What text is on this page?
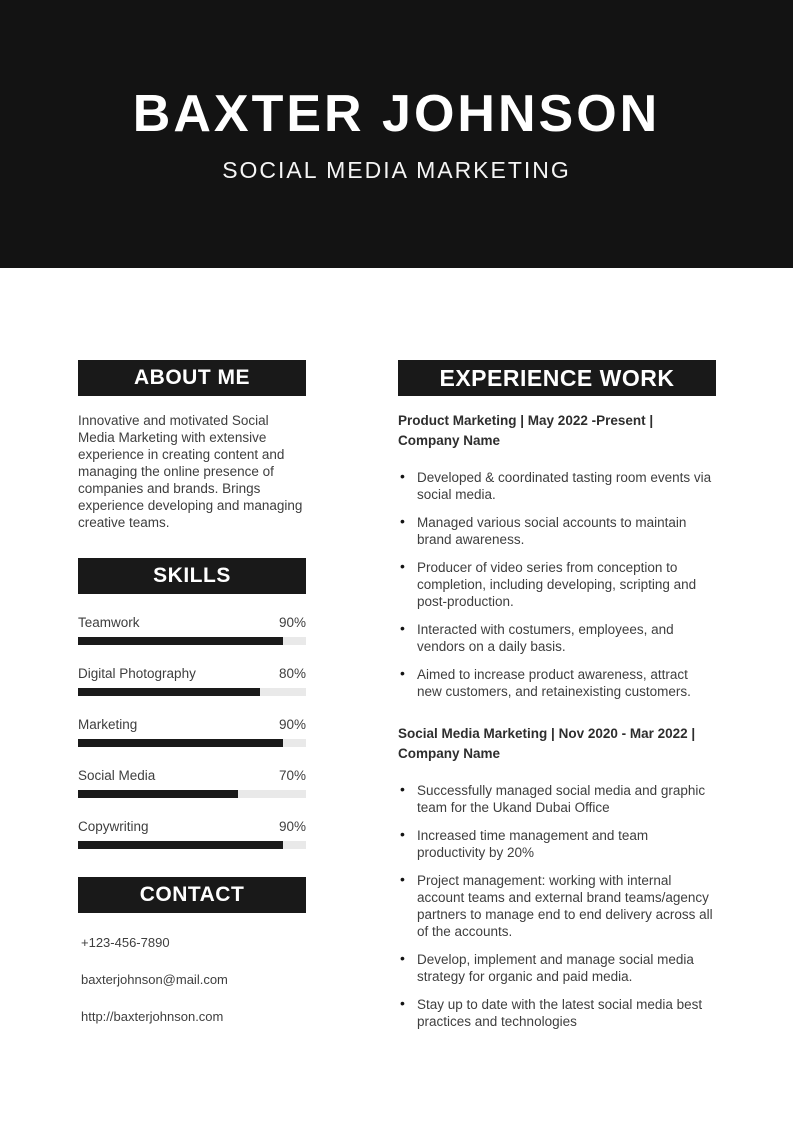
BAXTER JOHNSON
SOCIAL MEDIA MARKETING
ABOUT ME

Innovative and motivated Social Media Marketing with extensive experience in creating content and managing the online presence of companies and brands. Brings experience developing and managing creative teams.

SKILLS
Teamwork	90%
Digital Photography	80%
Marketing	90%
Social Media	70%
Copywriting	90%
CONTACT
+123-456-7890
baxterjohnson@mail.com
http://baxterjohnson.com
EXPERIENCE WORK
Product Marketing | May 2022 -Present | Company Name
• Developed & coordinated tasting room events via social media.
• Managed various social accounts to maintain brand awareness.
• Producer of video series from conception to completion, including developing, scripting and post-production.
• Interacted with costumers, employees, and vendors on a daily basis.
• Aimed to increase product awareness, attract new customers, and retainexisting customers.
Social Media Marketing | Nov 2020 - Mar 2022 | Company Name
• Successfully managed social media and graphic team for the Ukand Dubai Office
• Increased time management and team productivity by 20%
• Project management: working with internal account teams and external brand teams/agency partners to manage end to end delivery across all of the accounts.
• Develop, implement and manage social media strategy for organic and paid media.
• Stay up to date with the latest social media best practices and technologies
